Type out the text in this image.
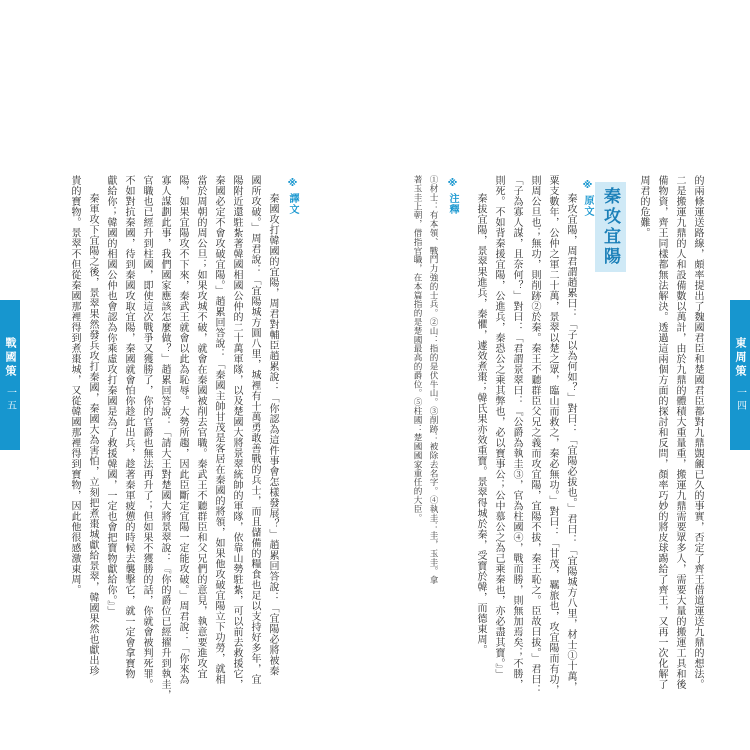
戰國策
一五
東周策
一四
的兩條運送路線，頗率提出了魏國君臣和楚國君臣都對九鼎覬覦已久的事實，否定了齊王借道運送九鼎的想法。
二是搬運九鼎的人和設備數以萬計，由於九鼎的體積大重量重，搬運九鼎需要眾多人，需要大量的搬運工具和後
備物資，齊王同樣都無法解決。透過這兩個方面的探討和反問，顏率巧妙的將皮球踢給了齊王，又再一次化解了
周君的危難。
秦攻宜陽
※原文
秦攻宜陽，周君謂趙累曰：「子以為何如？」對曰：「宜陽必拔也。」君曰：「宜陽城方八里，材士①十萬，
粟支數年，公仲之軍二十萬，景翠以楚之眾，臨山而救之，秦必無功。」對曰：「甘茂，羈旅也，攻宜陽而有功，
則周公旦也；無功，則削跡②於秦。秦王不聽群臣父兄之義而攻宜陽，宜陽不拔，秦王恥之。臣故曰拔。」君曰：
「子為寡人謀，且奈何？」對曰：「君謂景翠曰：『公爵為執圭③，官為柱國④，戰而勝，則無加焉矣；不勝，
則死。不如背秦援宜陽，公進兵，秦恐公之乘其弊也，必以寶事公；公中慕公之為己乘秦也，亦必盡其寶。』」
秦拔宜陽，景翠果進兵，秦懼，遽效煮棗；韓氏果亦效重寶。景翠得城於秦，受寶於韓，而德東周。
※注釋
①材士：有本領、戰鬥力強的士兵。②山：指的是伏牛山。③削跡：被除去名字。④執圭：圭，玉圭。拿
著玉圭上朝，借指官職，在本篇指的是楚國最高的爵位。⑤柱國：楚國國家重任的大臣。
※譯文
秦國攻打韓國的宜陽，周君對輔臣趙累說：「你認為這件事會怎樣發展？」趙累回答說：「宜陽必將被秦
國所攻破。」周君說：「宜陽城方圓八里，城裡有十萬勇敢善戰的兵士，而且儲備的糧食也足以支持好多年，宜
陽附近還駐紮著韓國相國公仲的二十萬軍隊，以及楚國大將景翠統帥的軍隊，依靠山勢駐紮，可以前去救援它，
秦國必定不會攻破宜陽。」趙累回答說：「秦國主帥甘茂是客居在秦國的將領，如果他攻破宜陽立下功勞，就相
當於周朝的周公旦；如果攻城不破，就會在秦國被削去官職。秦武王不聽群臣和父兄們的意見，執意要進攻宜
陽，如果宜陽攻不下來，秦武王就會以此為恥辱。大勢所趨，因此臣斷定宜陽一定能攻破。」周君說：「你來為
寡人謀劃此事，我們國家應該怎麼做？」趙累回答說：「請大王對楚國大將景翠說：『你的爵位已經擢升到執圭，
官職也已經升到柱國，即使這次戰爭又獲勝了，你的官爵也無法再升了；但如果不獲勝的話，你就會被判死罪。
不如對抗秦國，待到秦國攻取宜陽，秦國就會怕你趁此出兵，趁著秦軍疲憊的時候去襲擊它，就一定會拿寶物
獻給你；韓國的相國公仲也會認為你乘虛攻打秦國是為了救援韓國，一定也會把寶物獻給你。』」
秦軍攻下宜陽之後，景翠果然發兵攻打秦國，秦國大為害怕，立刻把煮棗城獻給景翠，韓國果然也獻出珍
貴的寶物。景翠不但從秦國那裡得到煮棗城，又從韓國那裡得到寶物，因此他很感激東周。
